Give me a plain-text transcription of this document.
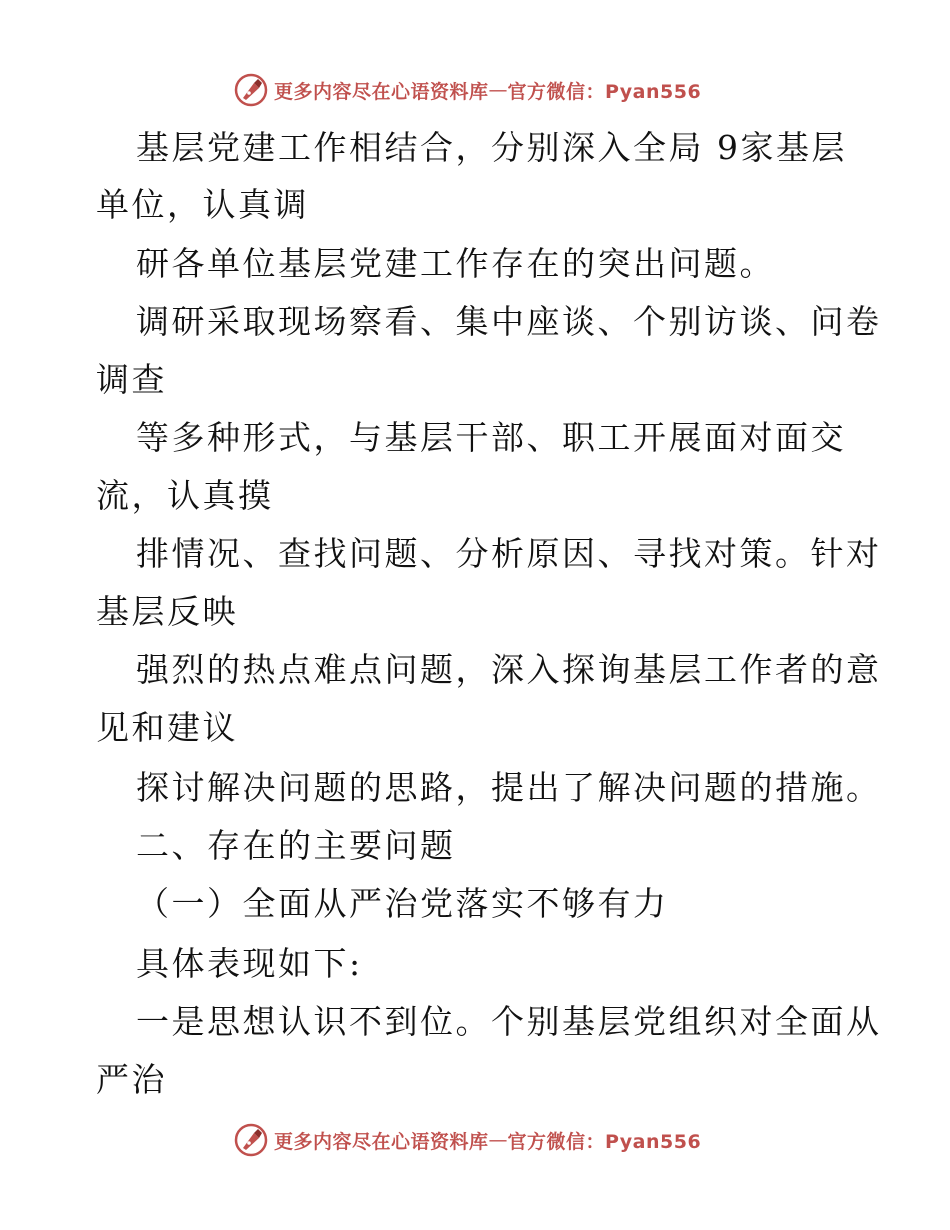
更多内容尽在心语资料库 — 官方微信：Pyan556
基层党建工作相结合，分别深入全局 9家基层
单位，认真调
研各单位基层党建工作存在的突出问题。
调研采取现场察看、集中座谈、个别访谈、问卷
调查
等多种形式，与基层干部、职工开展面对面交
流，认真摸
排情况、查找问题、分析原因、寻找对策。针对
基层反映
强烈的热点难点问题，深入探询基层工作者的意
见和建议
探讨解决问题的思路，提出了解决问题的措施。
二、存在的主要问题
（一）全面从严治党落实不够有力
具体表现如下:
一是思想认识不到位。个别基层党组织对全面从
严治
更多内容尽在心语资料库 — 官方微信：Pyan556
